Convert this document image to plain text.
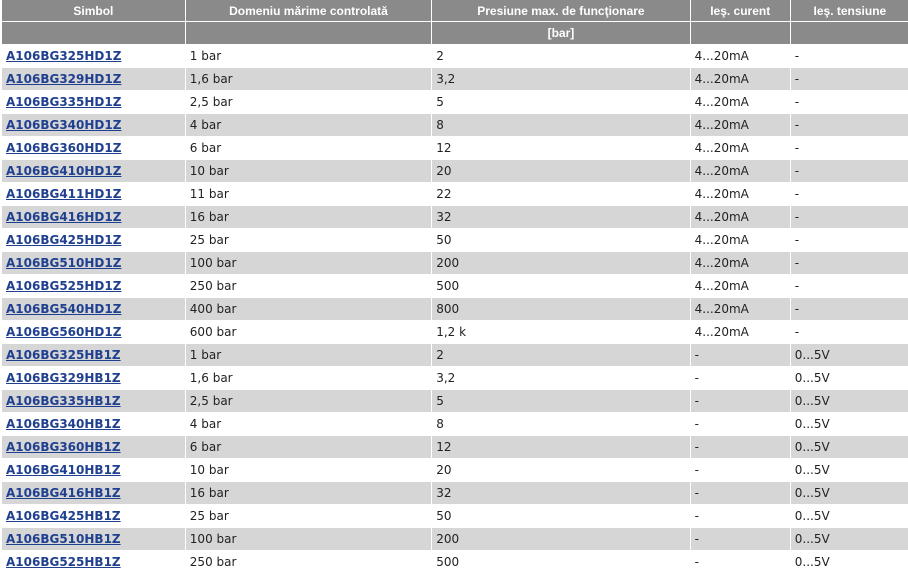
Simbol	Domeniu mărime controlată	Presiune max. de funcţionare	Ieş. curent	Ieş. tensiune
		[bar]		
A106BG325HD1Z	1 bar	2	4...20mA	-
A106BG329HD1Z	1,6 bar	3,2	4...20mA	-
A106BG335HD1Z	2,5 bar	5	4...20mA	-
A106BG340HD1Z	4 bar	8	4...20mA	-
A106BG360HD1Z	6 bar	12	4...20mA	-
A106BG410HD1Z	10 bar	20	4...20mA	-
A106BG411HD1Z	11 bar	22	4...20mA	-
A106BG416HD1Z	16 bar	32	4...20mA	-
A106BG425HD1Z	25 bar	50	4...20mA	-
A106BG510HD1Z	100 bar	200	4...20mA	-
A106BG525HD1Z	250 bar	500	4...20mA	-
A106BG540HD1Z	400 bar	800	4...20mA	-
A106BG560HD1Z	600 bar	1,2 k	4...20mA	-
A106BG325HB1Z	1 bar	2	-	0...5V
A106BG329HB1Z	1,6 bar	3,2	-	0...5V
A106BG335HB1Z	2,5 bar	5	-	0...5V
A106BG340HB1Z	4 bar	8	-	0...5V
A106BG360HB1Z	6 bar	12	-	0...5V
A106BG410HB1Z	10 bar	20	-	0...5V
A106BG416HB1Z	16 bar	32	-	0...5V
A106BG425HB1Z	25 bar	50	-	0...5V
A106BG510HB1Z	100 bar	200	-	0...5V
A106BG525HB1Z	250 bar	500	-	0...5V
